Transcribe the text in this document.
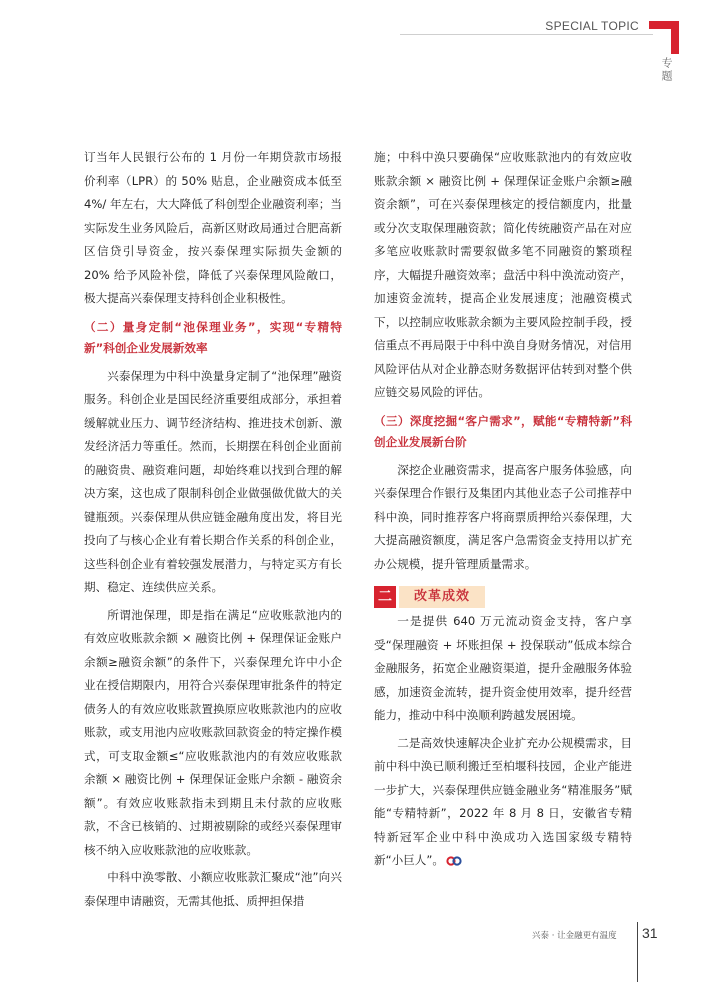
SPECIAL TOPIC
专题

订当年人民银行公布的 1 月份一年期贷款市场报价利率（LPR）的 50% 贴息，企业融资成本低至 4%/ 年左右，大大降低了科创型企业融资利率；当实际发生业务风险后，高新区财政局通过合肥高新区信贷引导资金，按兴泰保理实际损失金额的 20% 给予风险补偿，降低了兴泰保理风险敞口，极大提高兴泰保理支持科创企业积极性。

（二）量身定制“池保理业务”，实现“专精特新”科创企业发展新效率

兴泰保理为中科中涣量身定制了“池保理”融资服务。科创企业是国民经济重要组成部分，承担着缓解就业压力、调节经济结构、推进技术创新、激发经济活力等重任。然而，长期摆在科创企业面前的融资贵、融资难问题，却始终难以找到合理的解决方案，这也成了限制科创企业做强做优做大的关键瓶颈。兴泰保理从供应链金融角度出发，将目光投向了与核心企业有着长期合作关系的科创企业，这些科创企业有着较强发展潜力，与特定买方有长期、稳定、连续供应关系。

所谓池保理，即是指在满足“应收账款池内的有效应收账款余额 × 融资比例 + 保理保证金账户余额≥融资余额”的条件下，兴泰保理允许中小企业在授信期限内，用符合兴泰保理审批条件的特定债务人的有效应收账款置换原应收账款池内的应收账款，或支用池内应收账款回款资金的特定操作模式，可支取金额≤“应收账款池内的有效应收账款余额 × 融资比例 + 保理保证金账户余额 - 融资余额”。有效应收账款指未到期且未付款的应收账款，不含已核销的、过期被剔除的或经兴泰保理审核不纳入应收账款池的应收账款。

中科中涣零散、小额应收账款汇聚成“池”向兴泰保理申请融资，无需其他抵、质押担保措

施；中科中涣只要确保“应收账款池内的有效应收账款余额 × 融资比例 + 保理保证金账户余额≥融资余额”，可在兴泰保理核定的授信额度内，批量或分次支取保理融资款；简化传统融资产品在对应多笔应收账款时需要叙做多笔不同融资的繁琐程序，大幅提升融资效率；盘活中科中涣流动资产，加速资金流转，提高企业发展速度；池融资模式下，以控制应收账款余额为主要风险控制手段，授信重点不再局限于中科中涣自身财务情况，对信用风险评估从对企业静态财务数据评估转到对整个供应链交易风险的评估。

（三）深度挖掘“客户需求”，赋能“专精特新”科创企业发展新台阶

深挖企业融资需求，提高客户服务体验感，向兴泰保理合作银行及集团内其他业态子公司推荐中科中涣，同时推荐客户将商票质押给兴泰保理，大大提高融资额度，满足客户急需资金支持用以扩充办公规模，提升管理质量需求。

二	改革成效

一是提供 640 万元流动资金支持，客户享受“保理融资 + 坏账担保 + 投保联动”低成本综合金融服务，拓宽企业融资渠道，提升金融服务体验感，加速资金流转，提升资金使用效率，提升经营能力，推动中科中涣顺利跨越发展困境。

二是高效快速解决企业扩充办公规模需求，目前中科中涣已顺利搬迁至柏堰科技园，企业产能进一步扩大，兴泰保理供应链金融业务“精准服务”赋能“专精特新”，2022 年 8 月 8 日，安徽省专精特新冠军企业中科中涣成功入选国家级专精特新“小巨人”。

兴泰 · 让金融更有温度 31
